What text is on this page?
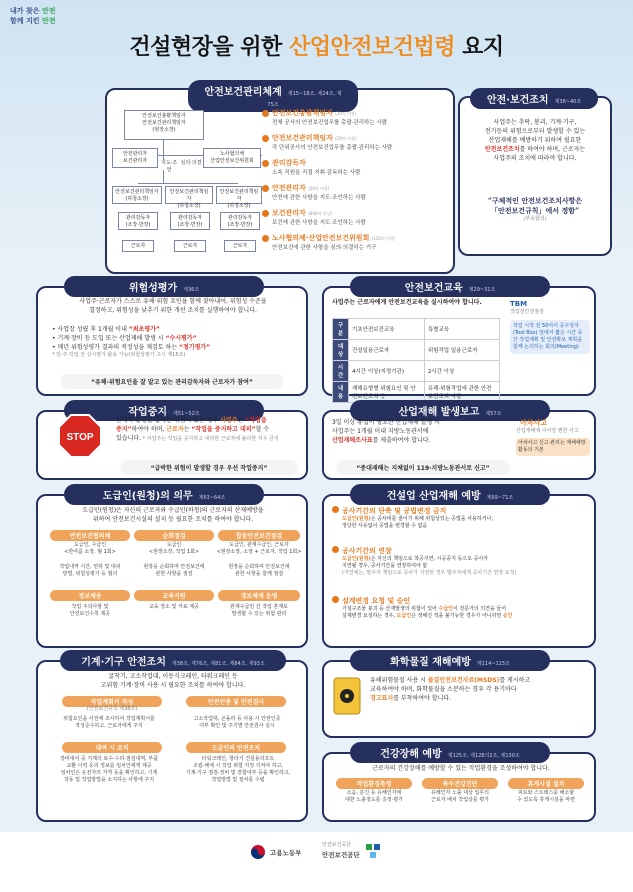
내가 찾은 안전
함께 지킨 안전
건설현장을 위한 산업안전보건법령 요지
안전보건관리체계 제15~18조, 제24조, 제75조
안전보건총괄책임자
안전보건관리책임자
(현장소장)
안전관리자
보건관리자	지도·조언
심의·의결
노사협의체
산업안전보건위원회
안전보건관리책임자
(하청소장)
안전보건관리책임자
(하청소장)
안전보건관리책임자
(하청소장)
관리감독자
(조장·반장)
관리감독자
(조장·반장)
관리감독자
(조장·반장)
근로자	근로자	근로자
안전보건총괄책임자 (20억 이상)
전체 공사의 안전보건업무를 총괄·관리하는 사람
안전보건관리책임자 (20억 이상)
각 단위공사의 안전보건업무를 총괄·관리하는 사람
관리감독자
소속 직원을 직접 지휘·감독하는 사람
안전관리자 (50억 이상)
안전에 관한 사항을 지도·조언하는 사람
보건관리자 (800억 이상)
보건에 관한 사항을 지도·조언하는 사람
노사협의체·산업안전보건위원회 (120억 이상)
안전보건에 관한 사항을 심의·의결하는 기구
안전·보건조치 제38~40조
사업주는 추락, 붕괴, 기계·기구,
전기등의 위험으로부터 발생할 수 있는
산업재해를 예방하기 위하여 필요한
안전보건조치를 하여야 하며, 근로자는
사업주의 조치에 따라야 합니다.
“구체적인 안전보건조치사항은
「안전보건규칙」에서 정함”
(부속합의)
위험성평가 제36조
사업주·근로자가 스스로 유해·위험 요인을 함께 찾아내어, 위험성 수준을
결정하고, 위험성을 낮추기 위한 개선 조치를 실행하여야 합니다.
• 사업장 성립 후 1개월 이내 “최초평가”
• 기계·장비 등 도입 또는 산업재해 발생 시 “수시평가”
• 매년 위험성평가 결과의 적정성을 재검토 하는 “정기평가”
* 일·주·작업 전 상시평가 활용 가능(위험성평가 고시 제15조)
“유해·위험요인을 잘 알고 있는 관리감독자와 근로자가 참여”
안전보건교육 제29~31조
사업주는 근로자에게 안전보건교육을 실시하여야 합니다.
구분	기초안전보건교육	특별교육
대상	건설일용근로자	위험작업 일용근로자
시간	4시간 이상(지정기관)	2시간 이상
내용	재해유형별 위험요인 및 안전보건조치 등	유해·위험작업에 관한 안전보건조치 사항
TBM
작업전안전점검
작업 시작 전 50여서 공구상자(Tool Box) 앞에서 짧은 시간 동안 작업계획 및 안전확보 계획을 함께 논의하는 회의(Meeting)
작업중지 제51~52조
STOP
산재가 발생할 급박한 위험이 있는 경우 사업주는 “작업을
중지”하여야 하며, 근로자는 “작업을 중지하고 대피”할 수
있습니다. * 사업주는 작업을 중지하고 대피한 근로자에 불리한 처우 금지
“급박한 위험이 발생할 경우 우선 작업중지”
산업재해 발생보고 제57조
3일 이상 휴업이 필요한 산업재해 발생 시
사업주는 1개월 이내 지방노동관서에
산업재해조사표를 제출하여야 합니다.
아차사고
산업재해에 이어질 뻔한 사고
아차사고 신고·관리는 재해예방활동의 기본
“중대재해는 지체없이 119·지방노동관서로 신고”
도급인(원청)의 의무 제63~64조
도급인(원청)은 자신의 근로자와 수급인(하청)의 근로자의 산재예방을
위하여 안전보건시설의 설치 등 필요한 조치를 하여야 합니다.
안전보건협의체	순회점검	합동안전보건점검
도급인, 수급인
<한여름 소장, 월 1회>
도급인
<현장소장, 작업 1회>
도급인, 관계수급인, 근로자
<현장소장, 소장 + 근로자, 작업 1회>
작업내역 시간, 면허 및 대피
방법, 위험성평가 등 협의
현장을 순회하며 안전보건에
관한 사항을 점검
현장을 순회하며 안전보건에
관한 사항을 함께 점검
정보제공	교육지원	경보체계 운영
작업 주의사항 및
안전보건수칙 제공
교육 장소 및 자료 제공	관계수급인 간 작업 혼재로
발생할 수 있는 위험 관리
건설업 산업재해 예방 제69~71조
공사기간의 단축 및 공법변경 금지
도급인(원청)은 공사비를 줄이기 위해 위험성있는 공법을 사용하거나,
정당한 사유없이 공법을 변경할 수 없음
공사기간의 연장
도급인(원청)은 자신의 책임으로 착공지연, 시공중지 등으로 공사가
지연될 경우, 공사기간을 연장하여야 함
(지연에는, 발주자 책임으로 공사가 지연된 경우 발주자에게 공사기간 연장 요청)
설계변경 요청 및 승인
가설구조물 붕괴 등 산재발생의 위험이 있어 수급인이 전문가의 의견을 들어
설계변경 요청하는 경우, 도급인은 정해진 적을 불가능한 경우가 아니라면 승인
기계·기구 안전조치 제38조, 제76조, 제81조, 제84조, 제93조
굴착기, 고소작업대, 이동식크레인, 타워크레인 등
고위험 기계·장비 사용 시 필요한 조치를 하여야 합니다.
작업계획서 작성
(안전보건규칙 제38조)
위험요인을 사전에 조사하여 작업계획서를
작성준수하고, 근로자에게 주지
안전인증 및 안전검사
고소작업대, 곤돌라 등 사용 시 안전인증
여부 확인 및 주기별 안전검사 실시
대여 시 조치
장비대여 중 기계의 보수·수리·점검내역, 부품
교환 이력 등의 정보를 임차인에게 제공
임차인은 운전자의 자격 등을 확인하고, 기계
작동 및 작업방법을 소지하는 사항에 주지
도급인의 안전조치
타워크레인, 항타기 건설용리프트
조립·해체 시 작업 위험 지정 지켜야 하고,
기계·기구 점검·정비 및 결합여부 등을 확인하고,
작업방법 및 절차를 수립
화학물질 재해예방 제114~115조
유해위험물질 사용 시 물질안전보건자료(MSDS)를 게시하고
교육하여야 하며, 화학물질을 소분하는 경우 각 용기마다
경고표지를 부착하여야 합니다.
건강장해 예방 제125조, 제128의2조, 제130조
근로자의 건강장해를 예방할 수 있는 작업환경을 조성하여야 합니다.
작업환경측정	특수건강진단	휴게시설 설치
소음, 분진 등 유해인자에
대한 노출정도를 측정·평가
유해인자 노출 대상 업무의
근로자 배치 작업상를 평가
피로와 스트레스를 해소할
수 있도록 휴게시설을 마련
고용노동부
안전보건공단
안전보건공단
